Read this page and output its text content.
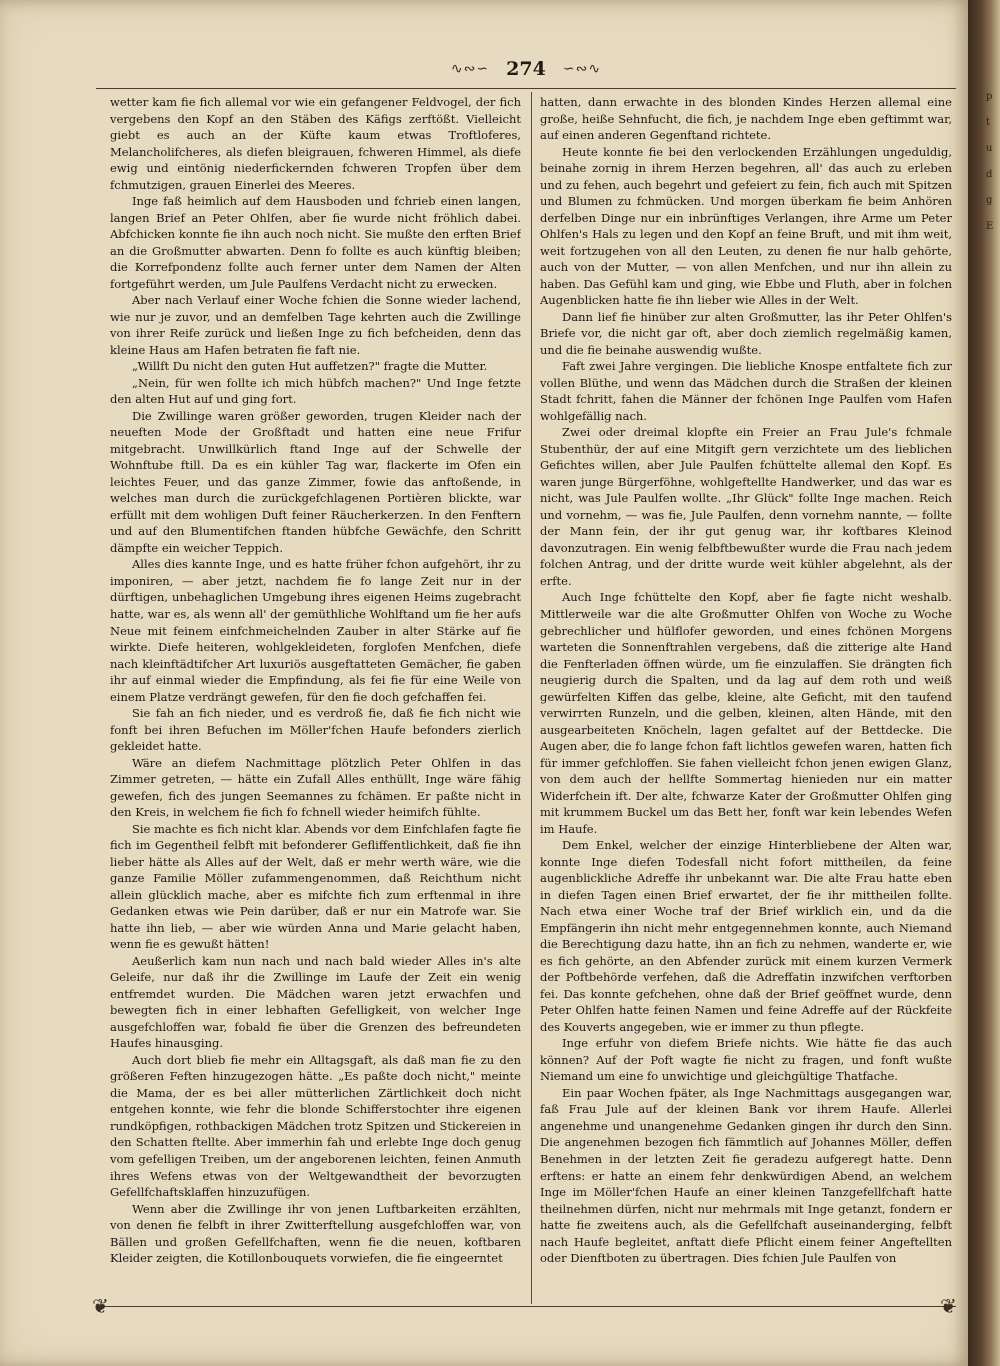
∿∾∽ 274 ∽∾∿

wetter kam fie fich allemal vor wie ein gefangener Feldvogel, der fich vergebens den Kopf an den Stäben des Käfigs zerftößt. Vielleicht giebt es auch an der Küfte kaum etwas Troftloferes, Melancholifcheres, als diefen bleigrauen, fchweren Himmel, als diefe ewig und eintönig niederfickernden fchweren Tropfen über dem fchmutzigen, grauen Einerlei des Meeres.

Inge faß heimlich auf dem Hausboden und fchrieb einen langen, langen Brief an Peter Ohlfen, aber fie wurde nicht fröhlich dabei. Abfchicken konnte fie ihn auch noch nicht. Sie mußte den erften Brief an die Großmutter abwarten. Denn fo follte es auch künftig bleiben; die Korrefpondenz follte auch ferner unter dem Namen der Alten fortgeführt werden, um Jule Paulfens Verdacht nicht zu erwecken.

Aber nach Verlauf einer Woche fchien die Sonne wieder lachend, wie nur je zuvor, und an demfelben Tage kehrten auch die Zwillinge von ihrer Reife zurück und ließen Inge zu fich befcheiden, denn das kleine Haus am Hafen betraten fie faft nie.

„Willft Du nicht den guten Hut auffetzen?" fragte die Mutter.

„Nein, für wen follte ich mich hübfch machen?" Und Inge fetzte den alten Hut auf und ging fort.

Die Zwillinge waren größer geworden, trugen Kleider nach der neueften Mode der Großftadt und hatten eine neue Frifur mitgebracht. Unwillkürlich ftand Inge auf der Schwelle der Wohnftube ftill. Da es ein kühler Tag war, flackerte im Ofen ein leichtes Feuer, und das ganze Zimmer, fowie das anftoßende, in welches man durch die zurückgefchlagenen Portièren blickte, war erfüllt mit dem wohligen Duft feiner Räucherkerzen. In den Fenftern und auf den Blumentifchen ftanden hübfche Gewächfe, den Schritt dämpfte ein weicher Teppich.

Alles dies kannte Inge, und es hatte früher fchon aufgehört, ihr zu imponiren, — aber jetzt, nachdem fie fo lange Zeit nur in der dürftigen, unbehaglichen Umgebung ihres eigenen Heims zugebracht hatte, war es, als wenn all' der gemüthliche Wohlftand um fie her aufs Neue mit feinem einfchmeichelnden Zauber in alter Stärke auf fie wirkte. Diefe heiteren, wohlgekleideten, forglofen Menfchen, diefe nach kleinftädtifcher Art luxuriös ausgeftatteten Gemächer, fie gaben ihr auf einmal wieder die Empfindung, als fei fie für eine Weile von einem Platze verdrängt gewefen, für den fie doch gefchaffen fei.

Sie fah an fich nieder, und es verdroß fie, daß fie fich nicht wie fonft bei ihren Befuchen im Möller'fchen Haufe befonders zierlich gekleidet hatte.

Wäre an diefem Nachmittage plötzlich Peter Ohlfen in das Zimmer getreten, — hätte ein Zufall Alles enthüllt, Inge wäre fähig gewefen, fich des jungen Seemannes zu fchämen. Er paßte nicht in den Kreis, in welchem fie fich fo fchnell wieder heimifch fühlte.

Sie machte es fich nicht klar. Abends vor dem Einfchlafen fagte fie fich im Gegentheil felbft mit befonderer Gefliffentlichkeit, daß fie ihn lieber hätte als Alles auf der Welt, daß er mehr werth wäre, wie die ganze Familie Möller zufammengenommen, daß Reichthum nicht allein glücklich mache, aber es mifchte fich zum erftenmal in ihre Gedanken etwas wie Pein darüber, daß er nur ein Matrofe war. Sie hatte ihn lieb, — aber wie würden Anna und Marie gelacht haben, wenn fie es gewußt hätten!

Aeußerlich kam nun nach und nach bald wieder Alles in's alte Geleife, nur daß ihr die Zwillinge im Laufe der Zeit ein wenig entfremdet wurden. Die Mädchen waren jetzt erwachfen und bewegten fich in einer lebhaften Gefelligkeit, von welcher Inge ausgefchloffen war, fobald fie über die Grenzen des befreundeten Haufes hinausging.

Auch dort blieb fie mehr ein Alltagsgaft, als daß man fie zu den größeren Feften hinzugezogen hätte. „Es paßte doch nicht," meinte die Mama, der es bei aller mütterlichen Zärtlichkeit doch nicht entgehen konnte, wie fehr die blonde Schifferstochter ihre eigenen rundköpfigen, rothbackigen Mädchen trotz Spitzen und Stickereien in den Schatten ftellte. Aber immerhin fah und erlebte Inge doch genug vom gefelligen Treiben, um der angeborenen leichten, feinen Anmuth ihres Wefens etwas von der Weltgewandtheit der bevorzugten Gefellfchaftsklaffen hinzuzufügen.

Wenn aber die Zwillinge ihr von jenen Luftbarkeiten erzählten, von denen fie felbft in ihrer Zwitterftellung ausgefchloffen war, von Bällen und großen Gefellfchaften, wenn fie die neuen, koftbaren Kleider zeigten, die Kotillonbouquets vorwiefen, die fie eingeerntet

hatten, dann erwachte in des blonden Kindes Herzen allemal eine große, heiße Sehnfucht, die fich, je nachdem Inge eben geftimmt war, auf einen anderen Gegenftand richtete.

Heute konnte fie bei den verlockenden Erzählungen ungeduldig, beinahe zornig in ihrem Herzen begehren, all' das auch zu erleben und zu fehen, auch begehrt und gefeiert zu fein, fich auch mit Spitzen und Blumen zu fchmücken. Und morgen überkam fie beim Anhören derfelben Dinge nur ein inbrünftiges Verlangen, ihre Arme um Peter Ohlfen's Hals zu legen und den Kopf an feine Bruft, und mit ihm weit, weit fortzugehen von all den Leuten, zu denen fie nur halb gehörte, auch von der Mutter, — von allen Menfchen, und nur ihn allein zu haben. Das Gefühl kam und ging, wie Ebbe und Fluth, aber in folchen Augenblicken hatte fie ihn lieber wie Alles in der Welt.

Dann lief fie hinüber zur alten Großmutter, las ihr Peter Ohlfen's Briefe vor, die nicht gar oft, aber doch ziemlich regelmäßig kamen, und die fie beinahe auswendig wußte.

Faft zwei Jahre vergingen. Die liebliche Knospe entfaltete fich zur vollen Blüthe, und wenn das Mädchen durch die Straßen der kleinen Stadt fchritt, fahen die Männer der fchönen Inge Paulfen vom Hafen wohlgefällig nach.

Zwei oder dreimal klopfte ein Freier an Frau Jule's fchmale Stubenthür, der auf eine Mitgift gern verzichtete um des lieblichen Gefichtes willen, aber Jule Paulfen fchüttelte allemal den Kopf. Es waren junge Bürgerföhne, wohlgeftellte Handwerker, und das war es nicht, was Jule Paulfen wollte. „Ihr Glück" follte Inge machen. Reich und vornehm, — was fie, Jule Paulfen, denn vornehm nannte, — follte der Mann fein, der ihr gut genug war, ihr koftbares Kleinod davonzutragen. Ein wenig felbftbewußter wurde die Frau nach jedem folchen Antrag, und der dritte wurde weit kühler abgelehnt, als der erfte.

Auch Inge fchüttelte den Kopf, aber fie fagte nicht weshalb. Mittlerweile war die alte Großmutter Ohlfen von Woche zu Woche gebrechlicher und hülflofer geworden, und eines fchönen Morgens warteten die Sonnenftrahlen vergebens, daß die zitterige alte Hand die Fenfterladen öffnen würde, um fie einzulaffen. Sie drängten fich neugierig durch die Spalten, und da lag auf dem roth und weiß gewürfelten Kiffen das gelbe, kleine, alte Geficht, mit den taufend verwirrten Runzeln, und die gelben, kleinen, alten Hände, mit den ausgearbeiteten Knöcheln, lagen gefaltet auf der Bettdecke. Die Augen aber, die fo lange fchon faft lichtlos gewefen waren, hatten fich für immer gefchloffen. Sie fahen vielleicht fchon jenen ewigen Glanz, von dem auch der hellfte Sommertag hienieden nur ein matter Widerfchein ift. Der alte, fchwarze Kater der Großmutter Ohlfen ging mit krummem Buckel um das Bett her, fonft war kein lebendes Wefen im Haufe.

Dem Enkel, welcher der einzige Hinterbliebene der Alten war, konnte Inge diefen Todesfall nicht fofort mittheilen, da feine augenblickliche Adreffe ihr unbekannt war. Die alte Frau hatte eben in diefen Tagen einen Brief erwartet, der fie ihr mittheilen follte. Nach etwa einer Woche traf der Brief wirklich ein, und da die Empfängerin ihn nicht mehr entgegennehmen konnte, auch Niemand die Berechtigung dazu hatte, ihn an fich zu nehmen, wanderte er, wie es fich gehörte, an den Abfender zurück mit einem kurzen Vermerk der Poftbehörde verfehen, daß die Adreffatin inzwifchen verftorben fei. Das konnte gefchehen, ohne daß der Brief geöffnet wurde, denn Peter Ohlfen hatte feinen Namen und feine Adreffe auf der Rückfeite des Kouverts angegeben, wie er immer zu thun pflegte.

Inge erfuhr von diefem Briefe nichts. Wie hätte fie das auch können? Auf der Poft wagte fie nicht zu fragen, und fonft wußte Niemand um eine fo unwichtige und gleichgültige Thatfache.

Ein paar Wochen fpäter, als Inge Nachmittags ausgegangen war, faß Frau Jule auf der kleinen Bank vor ihrem Haufe. Allerlei angenehme und unangenehme Gedanken gingen ihr durch den Sinn. Die angenehmen bezogen fich fämmtlich auf Johannes Möller, deffen Benehmen in der letzten Zeit fie geradezu aufgeregt hatte. Denn erftens: er hatte an einem fehr denkwürdigen Abend, an welchem Inge im Möller'fchen Haufe an einer kleinen Tanzgefellfchaft hatte theilnehmen dürfen, nicht nur mehrmals mit Inge getanzt, fondern er hatte fie zweitens auch, als die Gefellfchaft auseinanderging, felbft nach Haufe begleitet, anftatt diefe Pflicht einem feiner Angeftellten oder Dienftboten zu übertragen. Dies fchien Jule Paulfen von

❦	❦
p
t
u
d
g
E
